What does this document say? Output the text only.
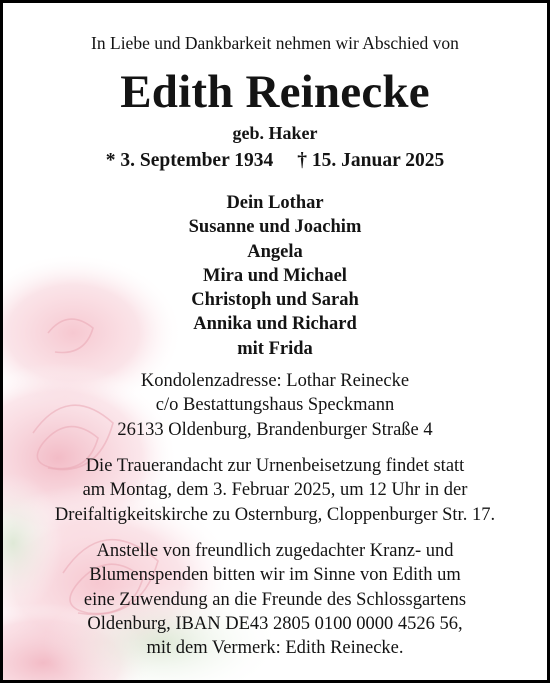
In Liebe und Dankbarkeit nehmen wir Abschied von
Edith Reinecke
geb. Haker
* 3. September 1934 † 15. Januar 2025
Dein Lothar
Susanne und Joachim
Angela
Mira und Michael
Christoph und Sarah
Annika und Richard
mit Frida
Kondolenzadresse: Lothar Reinecke
c/o Bestattungshaus Speckmann
26133 Oldenburg, Brandenburger Straße 4
Die Trauerandacht zur Urnenbeisetzung findet statt
am Montag, dem 3. Februar 2025, um 12 Uhr in der
Dreifaltigkeitskirche zu Osternburg, Cloppenburger Str. 17.
Anstelle von freundlich zugedachter Kranz- und
Blumenspenden bitten wir im Sinne von Edith um
eine Zuwendung an die Freunde des Schlossgartens
Oldenburg, IBAN DE43 2805 0100 0000 4526 56,
mit dem Vermerk: Edith Reinecke.
